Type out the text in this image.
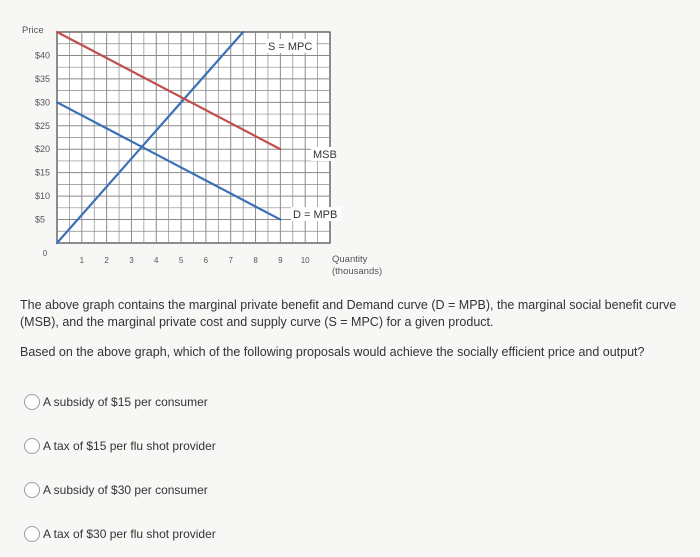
Price
$5
$10
$15
$20
$25
$30
$35
$40
0
1	2	3	4	5	6	7	8	9 10
S = MPC
MSB
D = MPB
Quantity
(thousands)

The above graph contains the marginal private benefit and Demand curve (D = MPB), the marginal social benefit curve (MSB), and the marginal private cost and supply curve (S = MPC) for a given product.

Based on the above graph, which of the following proposals would achieve the socially efficient price and output?

A subsidy of $15 per consumer
A tax of $15 per flu shot provider
A subsidy of $30 per consumer
A tax of $30 per flu shot provider
